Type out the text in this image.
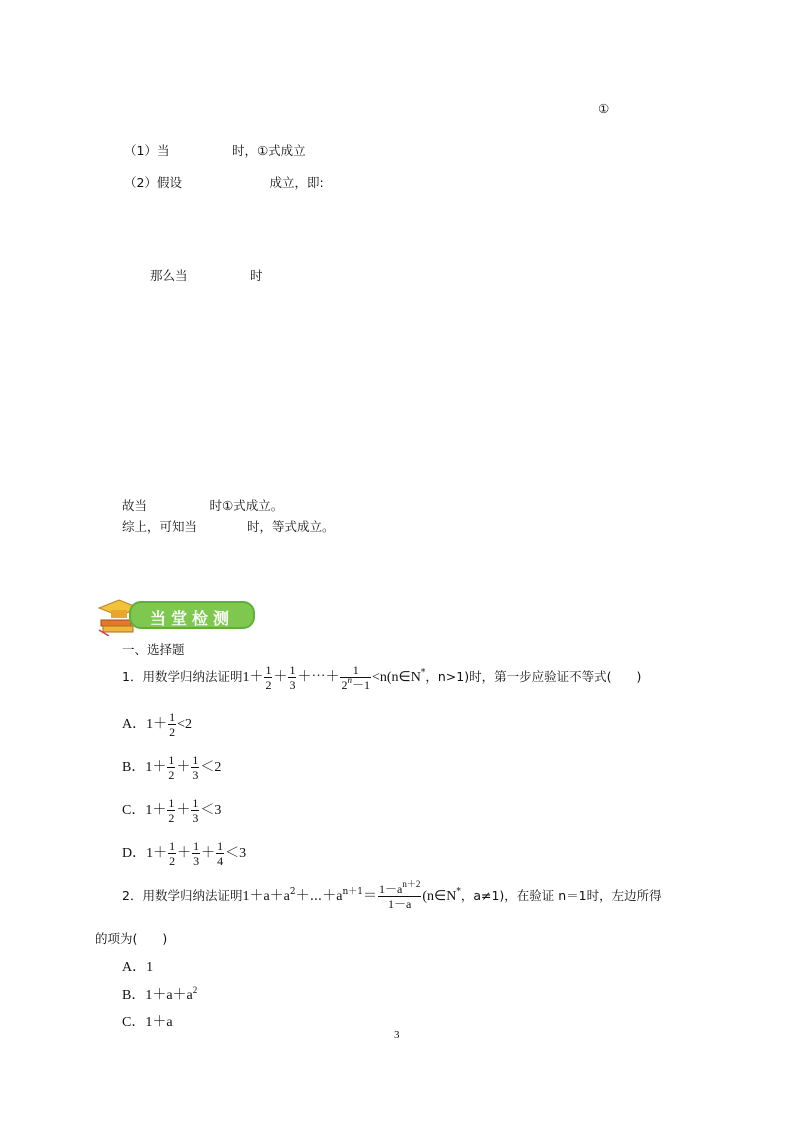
①
（1）当　　　　　时，①式成立
（2）假设　　　　　　　成立，即:
那么当　　　　　时
故当　　　　　时①式成立。
综上，可知当　　　　时，等式成立。
当堂检测
一、选择题
1．用数学归纳法证明$1+ \frac{1}{2} + \frac{1}{3}$ ＋⋯＋ $\frac{1}{2^n-1}$ <n(n∈N*，n>1)时，第一步应验证不等式(　　)
A．$1+ \frac{1}{2} <2$
B．$1+ \frac{1}{2} + \frac{1}{3} <2$
C．$1+ \frac{1}{2} + \frac{1}{3} <3$
D．$1+ \frac{1}{2} + \frac{1}{3} + \frac{1}{4} <3$
2．用数学归纳法证明$1+a+a^2+\cdots+a^{n+1}= \frac{1-a^{n+2}}{1-a}$ (n∈N*，a≠1)，在验证 n＝1时，左边所得
的项为(　　)
A．1
B．$1+a+a^2$
C．1＋a
3
